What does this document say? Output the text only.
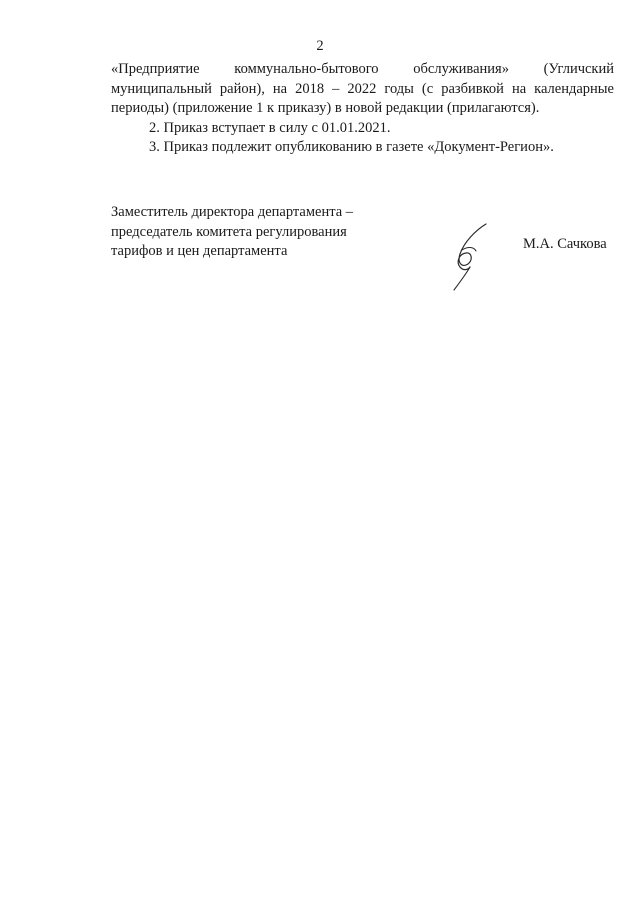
2

«Предприятие коммунально-бытового обслуживания» (Угличский
муниципальный район), на 2018 – 2022 годы (с разбивкой на календарные
периоды) (приложение 1 к приказу) в новой редакции (прилагаются).

2. Приказ вступает в силу с 01.01.2021.

3. Приказ подлежит опубликованию в газете «Документ-Регион».

Заместитель директора департамента –
председатель комитета регулирования
тарифов и цен департамента	М.А. Сачкова
